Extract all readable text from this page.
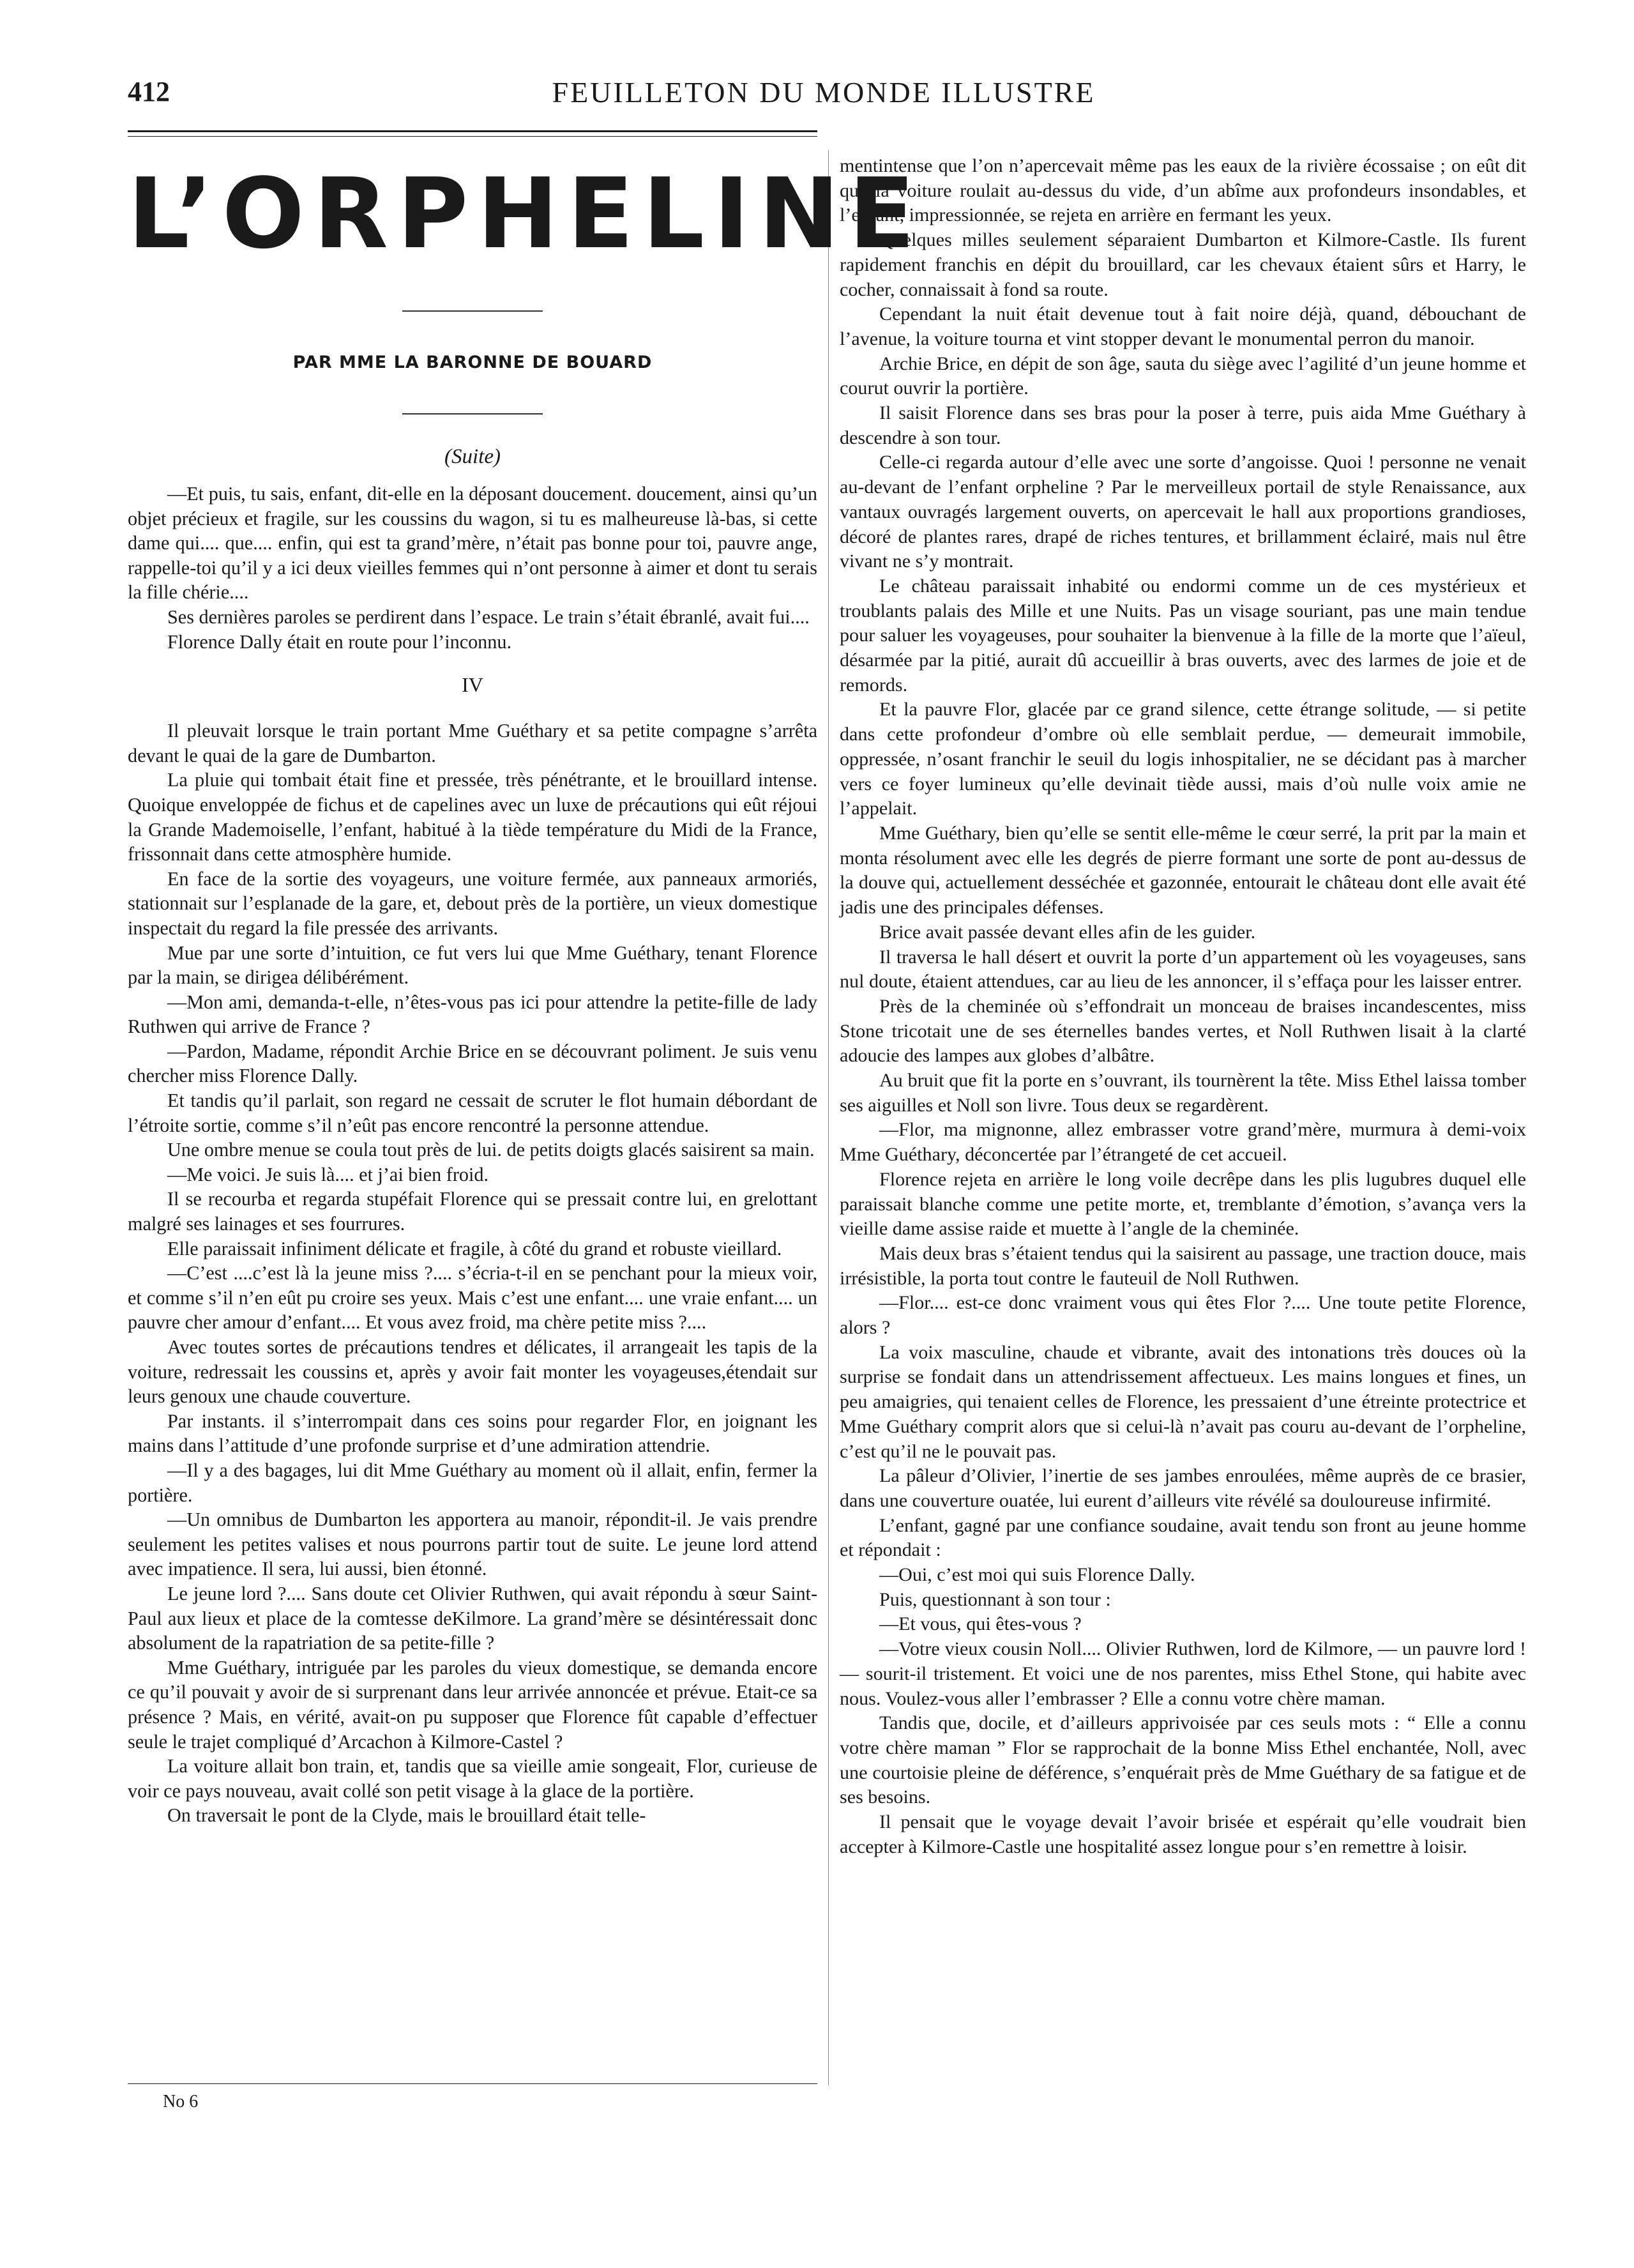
412	FEUILLETON DU MONDE ILLUSTRE
L’ORPHELINE
PAR MME LA BARONNE DE BOUARD
(Suite)

—Et puis, tu sais, enfant, dit-elle en la déposant doucement. doucement, ainsi qu’un objet précieux et fragile, sur les coussins du wagon, si tu es malheureuse là-bas, si cette dame qui.... que.... enfin, qui est ta grand’mère, n’était pas bonne pour toi, pauvre ange, rappelle-toi qu’il y a ici deux vieilles femmes qui n’ont personne à aimer et dont tu serais la fille chérie....

Ses dernières paroles se perdirent dans l’espace. Le train s’était ébranlé, avait fui....

Florence Dally était en route pour l’inconnu.

IV

Il pleuvait lorsque le train portant Mme Guéthary et sa petite compagne s’arrêta devant le quai de la gare de Dumbarton.

La pluie qui tombait était fine et pressée, très pénétrante, et le brouillard intense. Quoique enveloppée de fichus et de capelines avec un luxe de précautions qui eût réjoui la Grande Mademoiselle, l’enfant, habitué à la tiède température du Midi de la France, frissonnait dans cette atmosphère humide.

En face de la sortie des voyageurs, une voiture fermée, aux panneaux armoriés, stationnait sur l’esplanade de la gare, et, debout près de la portière, un vieux domestique inspectait du regard la file pressée des arrivants.

Mue par une sorte d’intuition, ce fut vers lui que Mme Guéthary, tenant Florence par la main, se dirigea délibérément.

—Mon ami, demanda-t-elle, n’êtes-vous pas ici pour attendre la petite-fille de lady Ruthwen qui arrive de France ?

—Pardon, Madame, répondit Archie Brice en se découvrant poliment. Je suis venu chercher miss Florence Dally.

Et tandis qu’il parlait, son regard ne cessait de scruter le flot humain débordant de l’étroite sortie, comme s’il n’eût pas encore rencontré la personne attendue.

Une ombre menue se coula tout près de lui. de petits doigts glacés saisirent sa main.

—Me voici. Je suis là.... et j’ai bien froid.

Il se recourba et regarda stupéfait Florence qui se pressait contre lui, en grelottant malgré ses lainages et ses fourrures.

Elle paraissait infiniment délicate et fragile, à côté du grand et robuste vieillard.

—C’est ....c’est là la jeune miss ?.... s’écria-t-il en se penchant pour la mieux voir, et comme s’il n’en eût pu croire ses yeux. Mais c’est une enfant.... une vraie enfant.... un pauvre cher amour d’enfant.... Et vous avez froid, ma chère petite miss ?....

Avec toutes sortes de précautions tendres et délicates, il arrangeait les tapis de la voiture, redressait les coussins et, après y avoir fait monter les voyageuses,étendait sur leurs genoux une chaude couverture.

Par instants. il s’interrompait dans ces soins pour regarder Flor, en joignant les mains dans l’attitude d’une profonde surprise et d’une admiration attendrie.

—Il y a des bagages, lui dit Mme Guéthary au moment où il allait, enfin, fermer la portière.

—Un omnibus de Dumbarton les apportera au manoir, répondit-il. Je vais prendre seulement les petites valises et nous pourrons partir tout de suite. Le jeune lord attend avec impatience. Il sera, lui aussi, bien étonné.

Le jeune lord ?.... Sans doute cet Olivier Ruthwen, qui avait répondu à sœur Saint-Paul aux lieux et place de la comtesse deKilmore. La grand’mère se désintéressait donc absolument de la rapatriation de sa petite-fille ?

Mme Guéthary, intriguée par les paroles du vieux domestique, se demanda encore ce qu’il pouvait y avoir de si surprenant dans leur arrivée annoncée et prévue. Etait-ce sa présence ? Mais, en vérité, avait-on pu supposer que Florence fût capable d’effectuer seule le trajet compliqué d’Arcachon à Kilmore-Castel ?

La voiture allait bon train, et, tandis que sa vieille amie songeait, Flor, curieuse de voir ce pays nouveau, avait collé son petit visage à la glace de la portière.

On traversait le pont de la Clyde, mais le brouillard était telle-

mentintense que l’on n’apercevait même pas les eaux de la rivière écossaise ; on eût dit que la voiture roulait au-dessus du vide, d’un abîme aux profondeurs insondables, et l’enfant, impressionnée, se rejeta en arrière en fermant les yeux.

Quelques milles seulement séparaient Dumbarton et Kilmore-Castle. Ils furent rapidement franchis en dépit du brouillard, car les chevaux étaient sûrs et Harry, le cocher, connaissait à fond sa route.

Cependant la nuit était devenue tout à fait noire déjà, quand, débouchant de l’avenue, la voiture tourna et vint stopper devant le monumental perron du manoir.

Archie Brice, en dépit de son âge, sauta du siège avec l’agilité d’un jeune homme et courut ouvrir la portière.

Il saisit Florence dans ses bras pour la poser à terre, puis aida Mme Guéthary à descendre à son tour.

Celle-ci regarda autour d’elle avec une sorte d’angoisse. Quoi ! personne ne venait au-devant de l’enfant orpheline ? Par le merveilleux portail de style Renaissance, aux vantaux ouvragés largement ouverts, on apercevait le hall aux proportions grandioses, décoré de plantes rares, drapé de riches tentures, et brillamment éclairé, mais nul être vivant ne s’y montrait.

Le château paraissait inhabité ou endormi comme un de ces mystérieux et troublants palais des Mille et une Nuits. Pas un visage souriant, pas une main tendue pour saluer les voyageuses, pour souhaiter la bienvenue à la fille de la morte que l’aïeul, désarmée par la pitié, aurait dû accueillir à bras ouverts, avec des larmes de joie et de remords.

Et la pauvre Flor, glacée par ce grand silence, cette étrange solitude, — si petite dans cette profondeur d’ombre où elle semblait perdue, — demeurait immobile, oppressée, n’osant franchir le seuil du logis inhospitalier, ne se décidant pas à marcher vers ce foyer lumineux qu’elle devinait tiède aussi, mais d’où nulle voix amie ne l’appelait.

Mme Guéthary, bien qu’elle se sentit elle-même le cœur serré, la prit par la main et monta résolument avec elle les degrés de pierre formant une sorte de pont au-dessus de la douve qui, actuellement desséchée et gazonnée, entourait le château dont elle avait été jadis une des principales défenses.

Brice avait passée devant elles afin de les guider.

Il traversa le hall désert et ouvrit la porte d’un appartement où les voyageuses, sans nul doute, étaient attendues, car au lieu de les annoncer, il s’effaça pour les laisser entrer.

Près de la cheminée où s’effondrait un monceau de braises incandescentes, miss Stone tricotait une de ses éternelles bandes vertes, et Noll Ruthwen lisait à la clarté adoucie des lampes aux globes d’albâtre.

Au bruit que fit la porte en s’ouvrant, ils tournèrent la tête. Miss Ethel laissa tomber ses aiguilles et Noll son livre. Tous deux se regardèrent.

—Flor, ma mignonne, allez embrasser votre grand’mère, murmura à demi-voix Mme Guéthary, déconcertée par l’étrangeté de cet accueil.

Florence rejeta en arrière le long voile decrêpe dans les plis lugubres duquel elle paraissait blanche comme une petite morte, et, tremblante d’émotion, s’avança vers la vieille dame assise raide et muette à l’angle de la cheminée.

Mais deux bras s’étaient tendus qui la saisirent au passage, une traction douce, mais irrésistible, la porta tout contre le fauteuil de Noll Ruthwen.

—Flor.... est-ce donc vraiment vous qui êtes Flor ?.... Une toute petite Florence, alors ?

La voix masculine, chaude et vibrante, avait des intonations très douces où la surprise se fondait dans un attendrissement affectueux. Les mains longues et fines, un peu amaigries, qui tenaient celles de Florence, les pressaient d’une étreinte protectrice et Mme Guéthary comprit alors que si celui-là n’avait pas couru au-devant de l’orpheline, c’est qu’il ne le pouvait pas.

La pâleur d’Olivier, l’inertie de ses jambes enroulées, même auprès de ce brasier, dans une couverture ouatée, lui eurent d’ailleurs vite révélé sa douloureuse infirmité.

L’enfant, gagné par une confiance soudaine, avait tendu son front au jeune homme et répondait :

—Oui, c’est moi qui suis Florence Dally.

Puis, questionnant à son tour :

—Et vous, qui êtes-vous ?

—Votre vieux cousin Noll.... Olivier Ruthwen, lord de Kilmore, — un pauvre lord ! — sourit-il tristement. Et voici une de nos parentes, miss Ethel Stone, qui habite avec nous. Voulez-vous aller l’embrasser ? Elle a connu votre chère maman.

Tandis que, docile, et d’ailleurs apprivoisée par ces seuls mots : “ Elle a connu votre chère maman ” Flor se rapprochait de la bonne Miss Ethel enchantée, Noll, avec une courtoisie pleine de déférence, s’enquérait près de Mme Guéthary de sa fatigue et de ses besoins.

Il pensait que le voyage devait l’avoir brisée et espérait qu’elle voudrait bien accepter à Kilmore-Castle une hospitalité assez longue pour s’en remettre à loisir.

No 6
